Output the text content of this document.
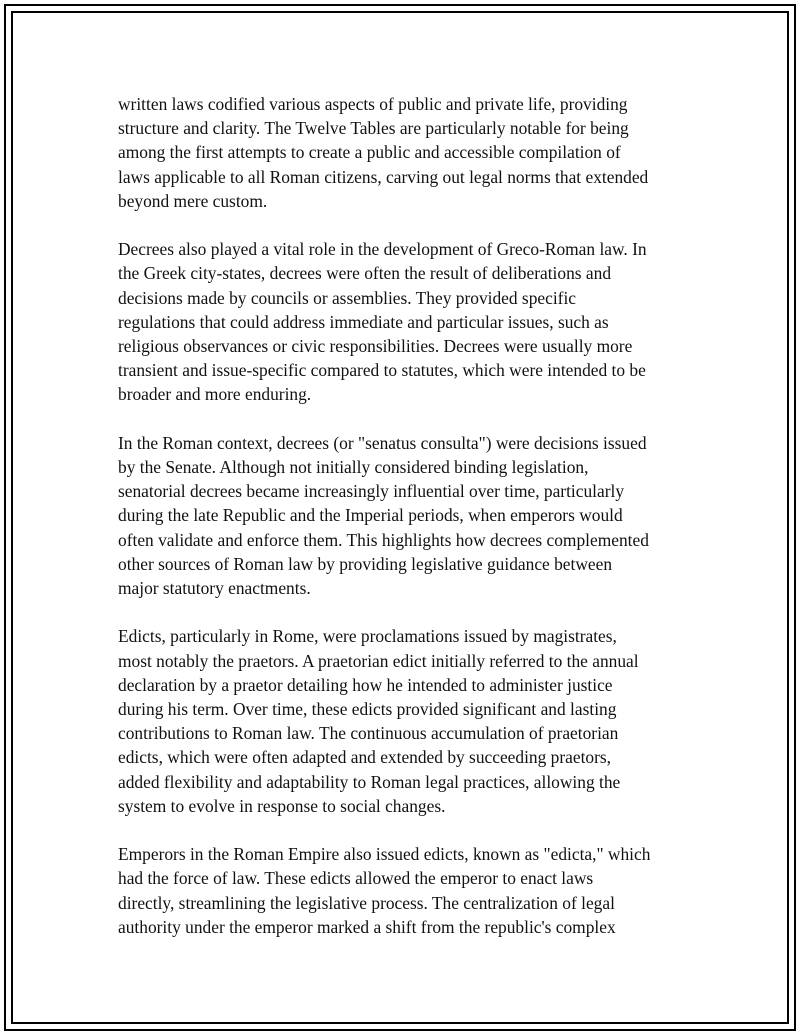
written laws codified various aspects of public and private life, providing
structure and clarity. The Twelve Tables are particularly notable for being
among the first attempts to create a public and accessible compilation of
laws applicable to all Roman citizens, carving out legal norms that extended
beyond mere custom.

Decrees also played a vital role in the development of Greco-Roman law. In
the Greek city-states, decrees were often the result of deliberations and
decisions made by councils or assemblies. They provided specific
regulations that could address immediate and particular issues, such as
religious observances or civic responsibilities. Decrees were usually more
transient and issue-specific compared to statutes, which were intended to be
broader and more enduring.

In the Roman context, decrees (or "senatus consulta") were decisions issued
by the Senate. Although not initially considered binding legislation,
senatorial decrees became increasingly influential over time, particularly
during the late Republic and the Imperial periods, when emperors would
often validate and enforce them. This highlights how decrees complemented
other sources of Roman law by providing legislative guidance between
major statutory enactments.

Edicts, particularly in Rome, were proclamations issued by magistrates,
most notably the praetors. A praetorian edict initially referred to the annual
declaration by a praetor detailing how he intended to administer justice
during his term. Over time, these edicts provided significant and lasting
contributions to Roman law. The continuous accumulation of praetorian
edicts, which were often adapted and extended by succeeding praetors,
added flexibility and adaptability to Roman legal practices, allowing the
system to evolve in response to social changes.

Emperors in the Roman Empire also issued edicts, known as "edicta," which
had the force of law. These edicts allowed the emperor to enact laws
directly, streamlining the legislative process. The centralization of legal
authority under the emperor marked a shift from the republic's complex
